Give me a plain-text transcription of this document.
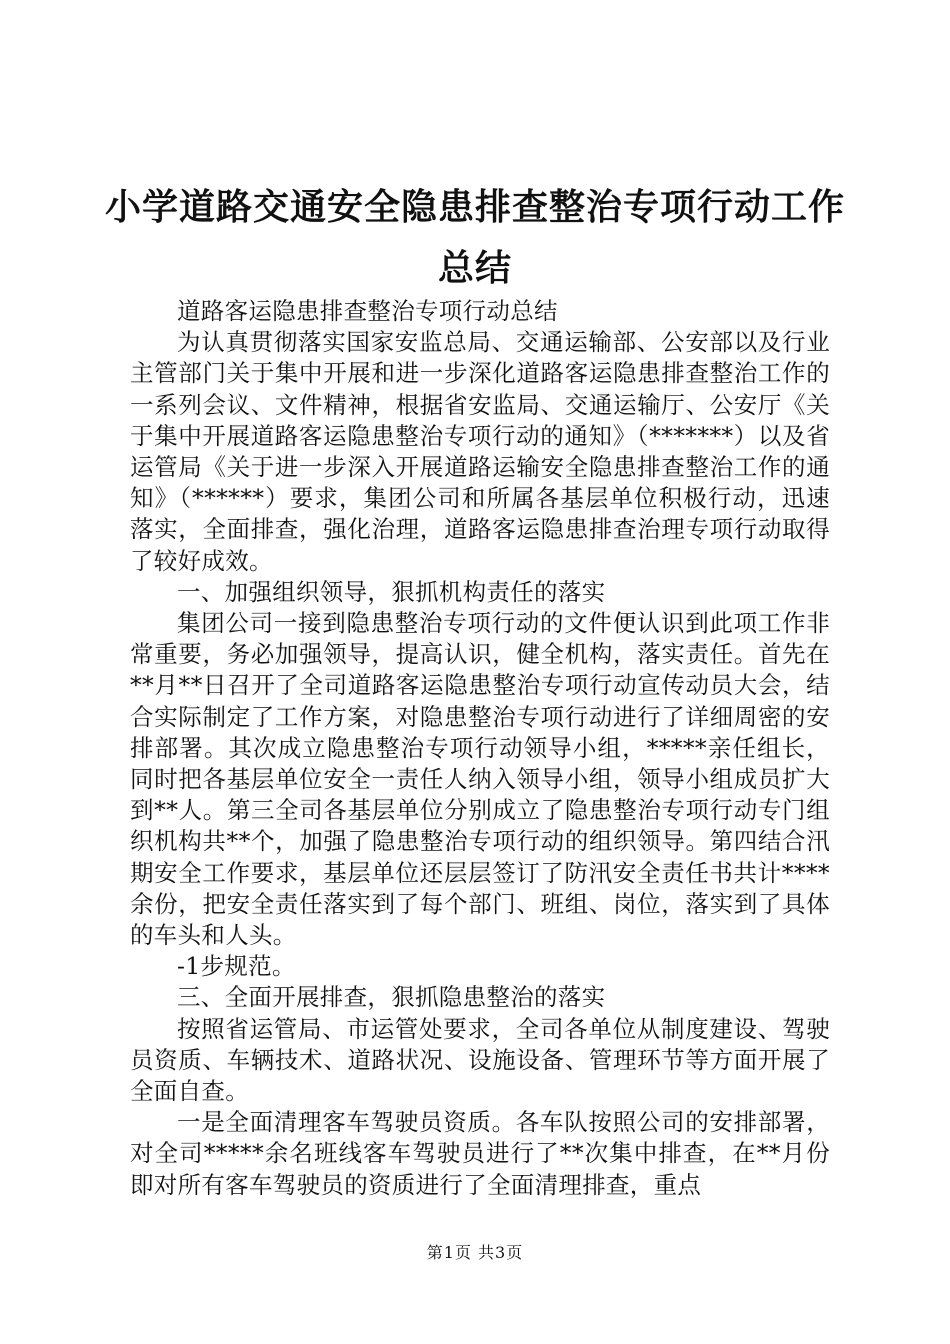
小学道路交通安全隐患排查整治专项行动工作
总结

道路客运隐患排查整治专项行动总结

为认真贯彻落实国家安监总局、交通运输部、公安部以及行业主管部门关于集中开展和进一步深化道路客运隐患排查整治工作的一系列会议、文件精神，根据省安监局、交通运输厅、公安厅《关于集中开展道路客运隐患整治专项行动的通知》（*******）以及省运管局《关于进一步深入开展道路运输安全隐患排查整治工作的通知》（******）要求，集团公司和所属各基层单位积极行动，迅速落实，全面排查，强化治理，道路客运隐患排查治理专项行动取得了较好成效。

一、加强组织领导，狠抓机构责任的落实

集团公司一接到隐患整治专项行动的文件便认识到此项工作非常重要，务必加强领导，提高认识，健全机构，落实责任。首先在**月**日召开了全司道路客运隐患整治专项行动宣传动员大会，结合实际制定了工作方案，对隐患整治专项行动进行了详细周密的安排部署。其次成立隐患整治专项行动领导小组，*****亲任组长，同时把各基层单位安全一责任人纳入领导小组，领导小组成员扩大到**人。第三全司各基层单位分别成立了隐患整治专项行动专门组织机构共**个，加强了隐患整治专项行动的组织领导。第四结合汛期安全工作要求，基层单位还层层签订了防汛安全责任书共计****余份，把安全责任落实到了每个部门、班组、岗位，落实到了具体的车头和人头。

-1步规范。

三、全面开展排查，狠抓隐患整治的落实

按照省运管局、市运管处要求，全司各单位从制度建设、驾驶员资质、车辆技术、道路状况、设施设备、管理环节等方面开展了全面自查。

一是全面清理客车驾驶员资质。各车队按照公司的安排部署，对全司*****余名班线客车驾驶员进行了**次集中排查，在**月份即对所有客车驾驶员的资质进行了全面清理排查，重点

第1页 共3页
